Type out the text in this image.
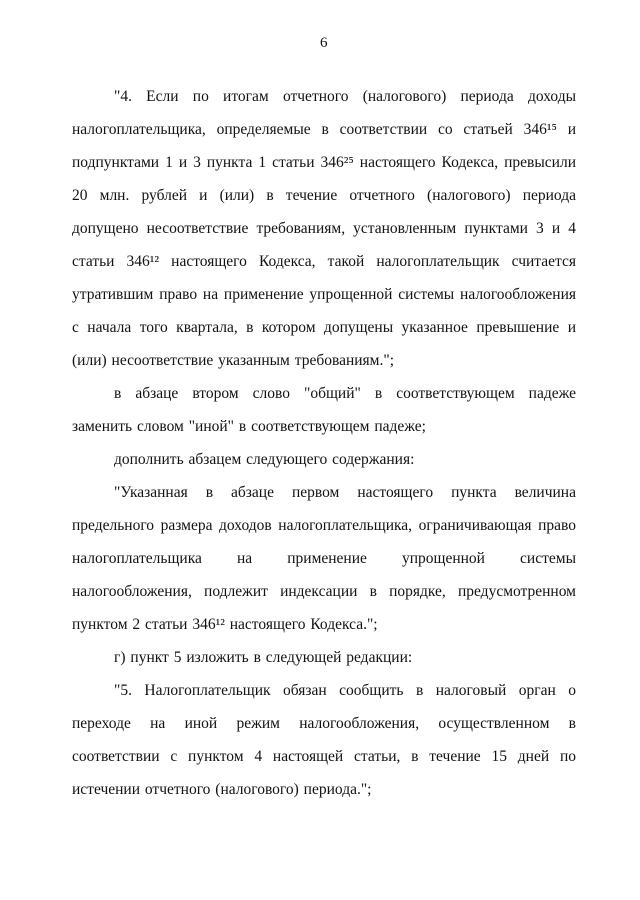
6

"4. Если по итогам отчетного (налогового) периода доходы налогоплательщика, определяемые в соответствии со статьей 346¹⁵ и подпунктами 1 и 3 пункта 1 статьи 346²⁵ настоящего Кодекса, превысили 20 млн. рублей и (или) в течение отчетного (налогового) периода допущено несоответствие требованиям, установленным пунктами 3 и 4 статьи 346¹² настоящего Кодекса, такой налогоплательщик считается утратившим право на применение упрощенной системы налогообложения с начала того квартала, в котором допущены указанное превышение и (или) несоответствие указанным требованиям.";

в абзаце втором слово "общий" в соответствующем падеже заменить словом "иной" в соответствующем падеже;

дополнить абзацем следующего содержания:

"Указанная в абзаце первом настоящего пункта величина предельного размера доходов налогоплательщика, ограничивающая право налогоплательщика на применение упрощенной системы налогообложения, подлежит индексации в порядке, предусмотренном пунктом 2 статьи 346¹² настоящего Кодекса.";

г) пункт 5 изложить в следующей редакции:

"5. Налогоплательщик обязан сообщить в налоговый орган о переходе на иной режим налогообложения, осуществленном в соответствии с пунктом 4 настоящей статьи, в течение 15 дней по истечении отчетного (налогового) периода.";
